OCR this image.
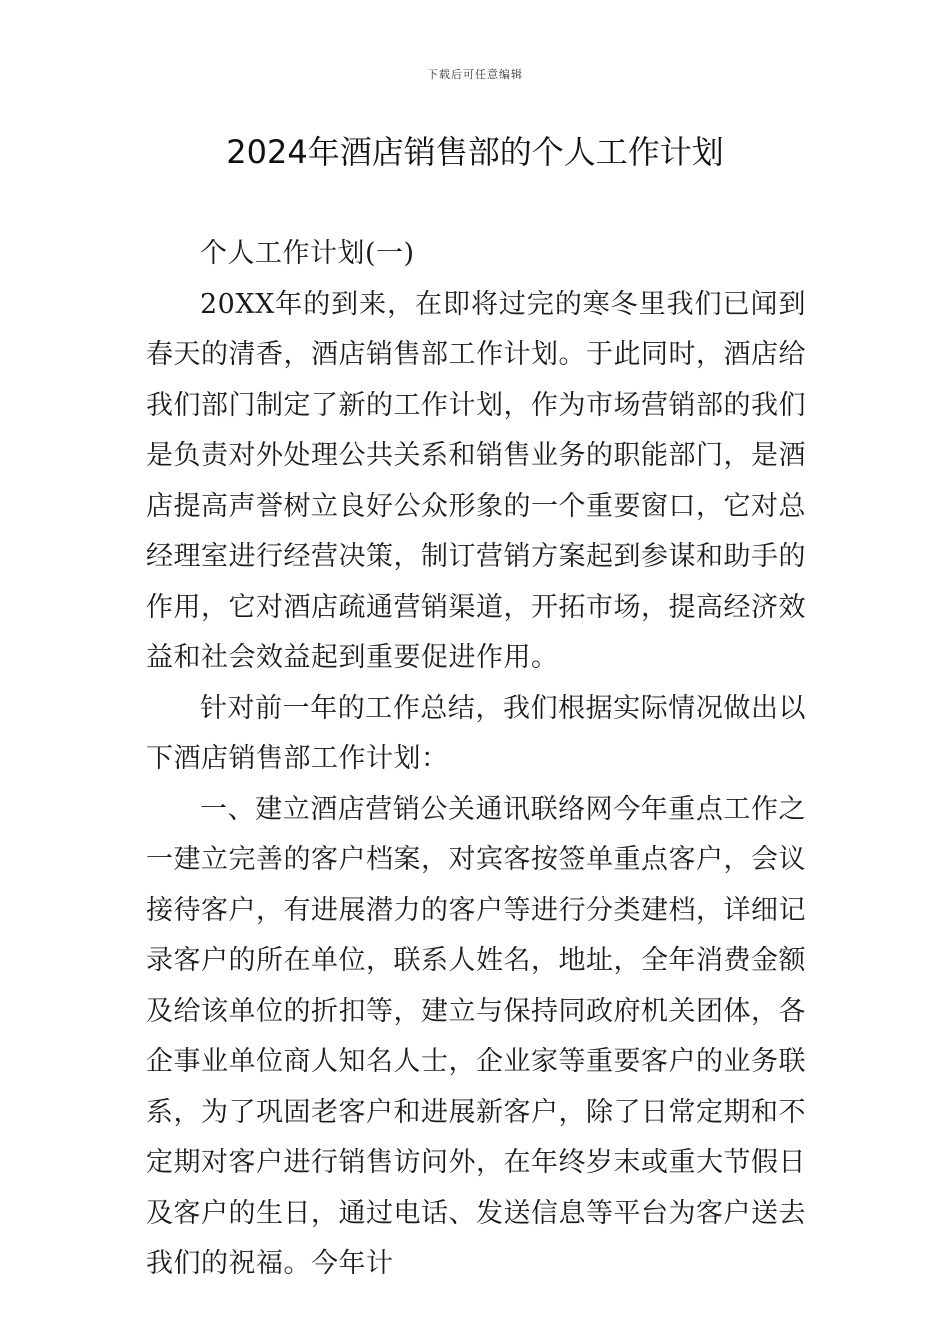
下载后可任意编辑
2024年酒店销售部的个人工作计划

个人工作计划(一)

20XX年的到来，在即将过完的寒冬里我们已闻到春天的清香，酒店销售部工作计划。于此同时，酒店给我们部门制定了新的工作计划，作为市场营销部的我们是负责对外处理公共关系和销售业务的职能部门，是酒店提高声誉树立良好公众形象的一个重要窗口，它对总经理室进行经营决策，制订营销方案起到参谋和助手的作用，它对酒店疏通营销渠道，开拓市场，提高经济效益和社会效益起到重要促进作用。

针对前一年的工作总结，我们根据实际情况做出以下酒店销售部工作计划：

一、建立酒店营销公关通讯联络网今年重点工作之一建立完善的客户档案，对宾客按签单重点客户，会议接待客户，有进展潜力的客户等进行分类建档，详细记录客户的所在单位，联系人姓名，地址，全年消费金额及给该单位的折扣等，建立与保持同政府机关团体，各企事业单位商人知名人士，企业家等重要客户的业务联系，为了巩固老客户和进展新客户，除了日常定期和不定期对客户进行销售访问外，在年终岁末或重大节假日及客户的生日，通过电话、发送信息等平台为客户送去我们的祝福。今年计
